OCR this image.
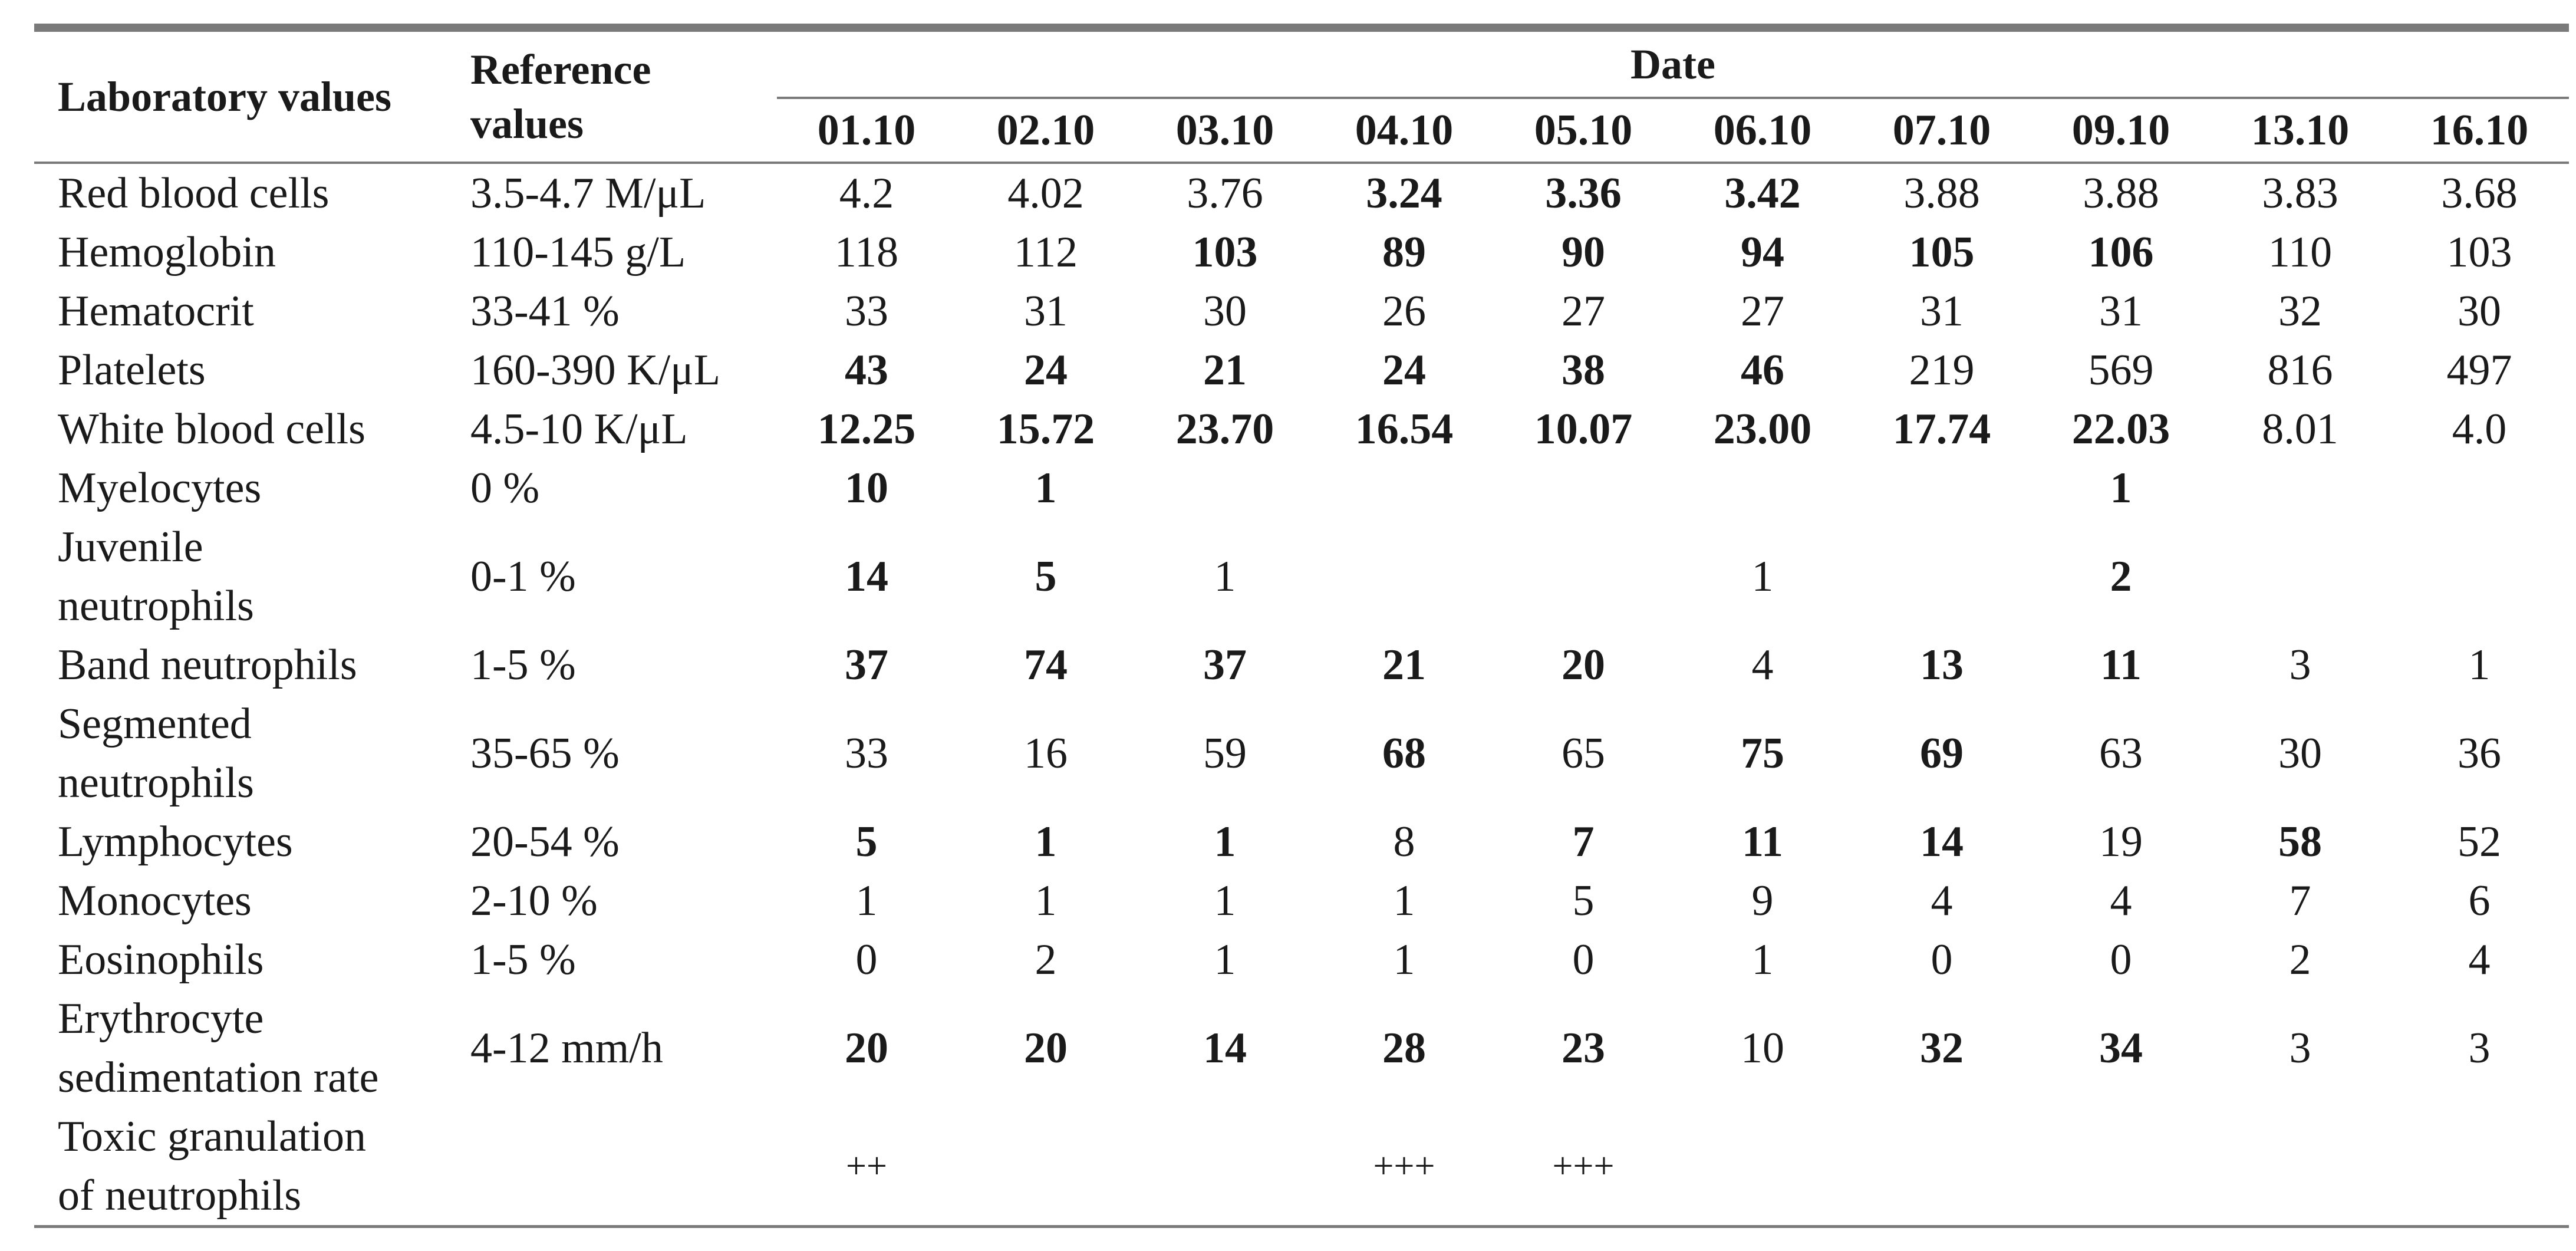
Laboratory values	Reference
values	Date									
		01.10	02.10	03.10	04.10	05.10	06.10	07.10	09.10	13.10	16.10
Red blood cells	3.5-4.7 M/μL	4.2	4.02	3.76	3.24	3.36	3.42	3.88	3.88	3.83	3.68
Hemoglobin	110-145 g/L	118	112	103	89	90	94	105	106	110	103
Hematocrit	33-41 %	33	31	30	26	27	27	31	31	32	30
Platelets	160-390 K/μL	43	24	21	24	38	46	219	569	816	497
White blood cells	4.5-10 K/μL	12.25	15.72	23.70	16.54	10.07	23.00	17.74	22.03	8.01	4.0
Myelocytes	0 %	10	1						1		
Juvenile
neutrophils	0-1 %	14	5	1			1		2		
Band neutrophils	1-5 %	37	74	37	21	20	4	13	11	3	1
Segmented
neutrophils	35-65 %	33	16	59	68	65	75	69	63	30	36
Lymphocytes	20-54 %	5	1	1	8	7	11	14	19	58	52
Monocytes	2-10 %	1	1	1	1	5	9	4	4	7	6
Eosinophils	1-5 %	0	2	1	1	0	1	0	0	2	4
Erythrocyte
sedimentation rate	4-12 mm/h	20	20	14	28	23	10	32	34	3	3
Toxic granulation
of neutrophils		++			+++	+++					
